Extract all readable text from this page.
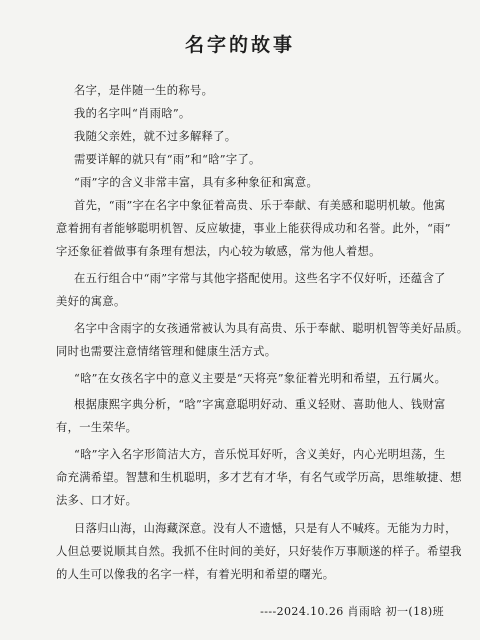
名字的故事
名字，是伴随一生的称号。
我的名字叫“肖雨晗”。
我随父亲姓，就不过多解释了。
需要详解的就只有“雨”和“晗”字了。
“雨”字的含义非常丰富，具有多种象征和寓意。
首先，“雨”字在名字中象征着高贵、乐于奉献、有美感和聪明机敏。他寓
意着拥有者能够聪明机智、反应敏捷，事业上能获得成功和名誉。此外，“雨”
字还象征着做事有条理有想法，内心较为敏感，常为他人着想。
在五行组合中“雨”字常与其他字搭配使用。这些名字不仅好听，还蕴含了
美好的寓意。
名字中含雨字的女孩通常被认为具有高贵、乐于奉献、聪明机智等美好品质。
同时也需要注意情绪管理和健康生活方式。
“晗”在女孩名字中的意义主要是“天将亮”象征着光明和希望，五行属火。
根据康熙字典分析，“晗”字寓意聪明好动、重义轻财、喜助他人、钱财富
有，一生荣华。
“晗”字入名字形简洁大方，音乐悦耳好听，含义美好，内心光明坦荡，生
命充满希望。智慧和生机聪明，多才艺有才华，有名气或学历高，思维敏捷、想
法多、口才好。
日落归山海，山海藏深意。没有人不遗憾，只是有人不喊疼。无能为力时，
人但总要说顺其自然。我抓不住时间的美好，只好装作万事顺遂的样子。希望我
的人生可以像我的名字一样，有着光明和希望的曙光。
----2024.10.26 肖雨晗 初一(18)班
